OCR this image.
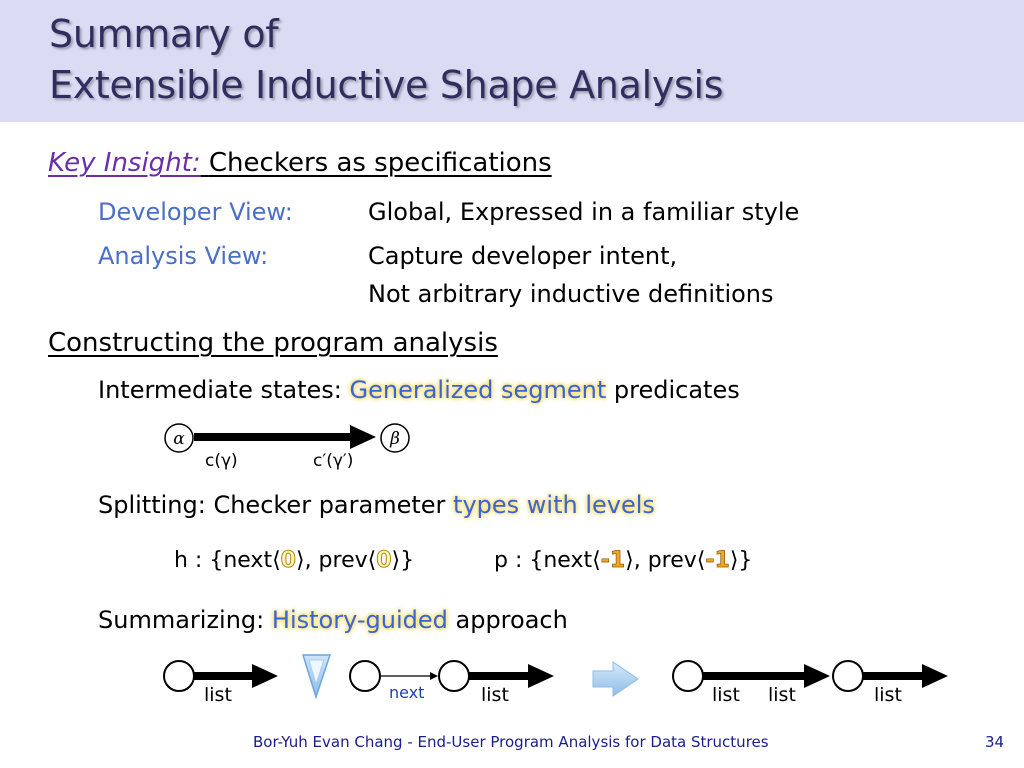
Summary of
Extensible Inductive Shape Analysis
Key Insight: Checkers as specifications
Developer View:	Global, Expressed in a familiar style
Analysis View:	Capture developer intent,
Not arbitrary inductive definitions
Constructing the program analysis
Intermediate states: Generalized segment predicates
Splitting: Checker parameter types with levels
h : {next⟨0⟩, prev⟨0⟩}	p : {next⟨-1⟩, prev⟨-1⟩}
Summarizing: History-guided approach
α	β
c(γ)	c′(γ′)
list	next	list	list list	list
Bor-Yuh Evan Chang - End-User Program Analysis for Data Structures	34
